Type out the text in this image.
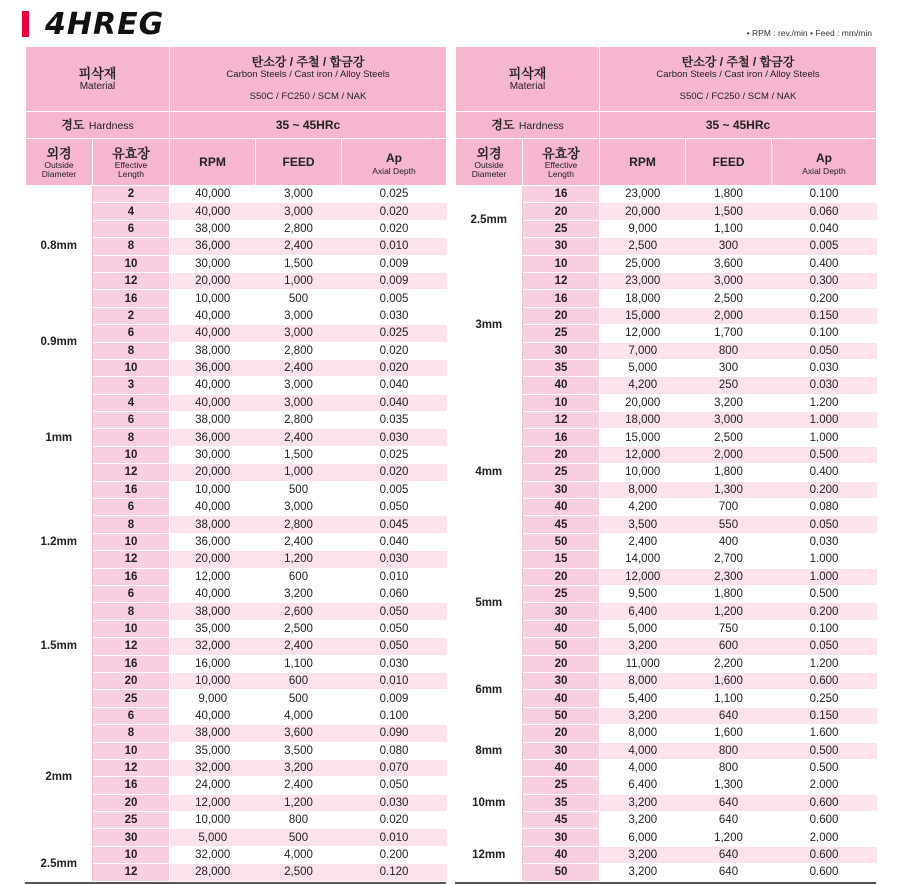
4HREG	• RPM : rev./min • Feed : mm/min
피삭재
Material		탄소강 / 주철 / 합금강
Carbon Steels / Cast iron / Alloy Steels
S50C / FC250 / SCM / NAK		

경도 Hardness		35 ~ 45HRc		

외경
Outside Diameter	유효장
Effective Length	RPM	FEED	Ap
Axial Depth

0.8mm	2	40,000	3,000	0.025
	4	40,000	3,000	0.020
	6	38,000	2,800	0.020
	8	36,000	2,400	0.010
	10	30,000	1,500	0.009
	12	20,000	1,000	0.009
	16	10,000	500	0.005
0.9mm	2	40,000	3,000	0.030
	6	40,000	3,000	0.025
	8	38,000	2,800	0.020
	10	36,000	2,400	0.020
1mm	3	40,000	3,000	0.040
	4	40,000	3,000	0.040
	6	38,000	2,800	0.035
	8	36,000	2,400	0.030
	10	30,000	1,500	0.025
	12	20,000	1,000	0.020
	16	10,000	500	0.005
1.2mm	6	40,000	3,000	0.050
	8	38,000	2,800	0.045
	10	36,000	2,400	0.040
	12	20,000	1,200	0.030
	16	12,000	600	0.010
1.5mm	6	40,000	3,200	0.060
	8	38,000	2,600	0.050
	10	35,000	2,500	0.050
	12	32,000	2,400	0.050
	16	16,000	1,100	0.030
	20	10,000	600	0.010
	25	9,000	500	0.009
2mm	6	40,000	4,000	0.100
	8	38,000	3,600	0.090
	10	35,000	3,500	0.080
	12	32,000	3,200	0.070
	16	24,000	2,400	0.050
	20	12,000	1,200	0.030
	25	10,000	800	0.020
	30	5,000	500	0.010
2.5mm	10	32,000	4,000	0.200
	12	28,000	2,500	0.120
피삭재
Material		탄소강 / 주철 / 합금강
Carbon Steels / Cast iron / Alloy Steels
S50C / FC250 / SCM / NAK		

경도 Hardness		35 ~ 45HRc		

외경
Outside Diameter	유효장
Effective Length	RPM	FEED	Ap
Axial Depth

2.5mm	16	23,000	1,800	0.100
	20	20,000	1,500	0.060
	25	9,000	1,100	0.040
	30	2,500	300	0.005
3mm	10	25,000	3,600	0.400
	12	23,000	3,000	0.300
	16	18,000	2,500	0.200
	20	15,000	2,000	0.150
	25	12,000	1,700	0.100
	30	7,000	800	0.050
	35	5,000	300	0.030
	40	4,200	250	0.030
4mm	10	20,000	3,200	1.200
	12	18,000	3,000	1.000
	16	15,000	2,500	1.000
	20	12,000	2,000	0.500
	25	10,000	1,800	0.400
	30	8,000	1,300	0.200
	40	4,200	700	0.080
	45	3,500	550	0.050
	50	2,400	400	0.030
5mm	15	14,000	2,700	1.000
	20	12,000	2,300	1.000
	25	9,500	1,800	0.500
	30	6,400	1,200	0.200
	40	5,000	750	0.100
	50	3,200	600	0.050
6mm	20	11,000	2,200	1.200
	30	8,000	1,600	0.600
	40	5,400	1,100	0.250
	50	3,200	640	0.150
8mm	20	8,000	1,600	1.600
	30	4,000	800	0.500
	40	4,000	800	0.500
10mm	25	6,400	1,300	2.000
	35	3,200	640	0.600
	45	3,200	640	0.600
12mm	30	6,000	1,200	2.000
	40	3,200	640	0.600
	50	3,200	640	0.600
